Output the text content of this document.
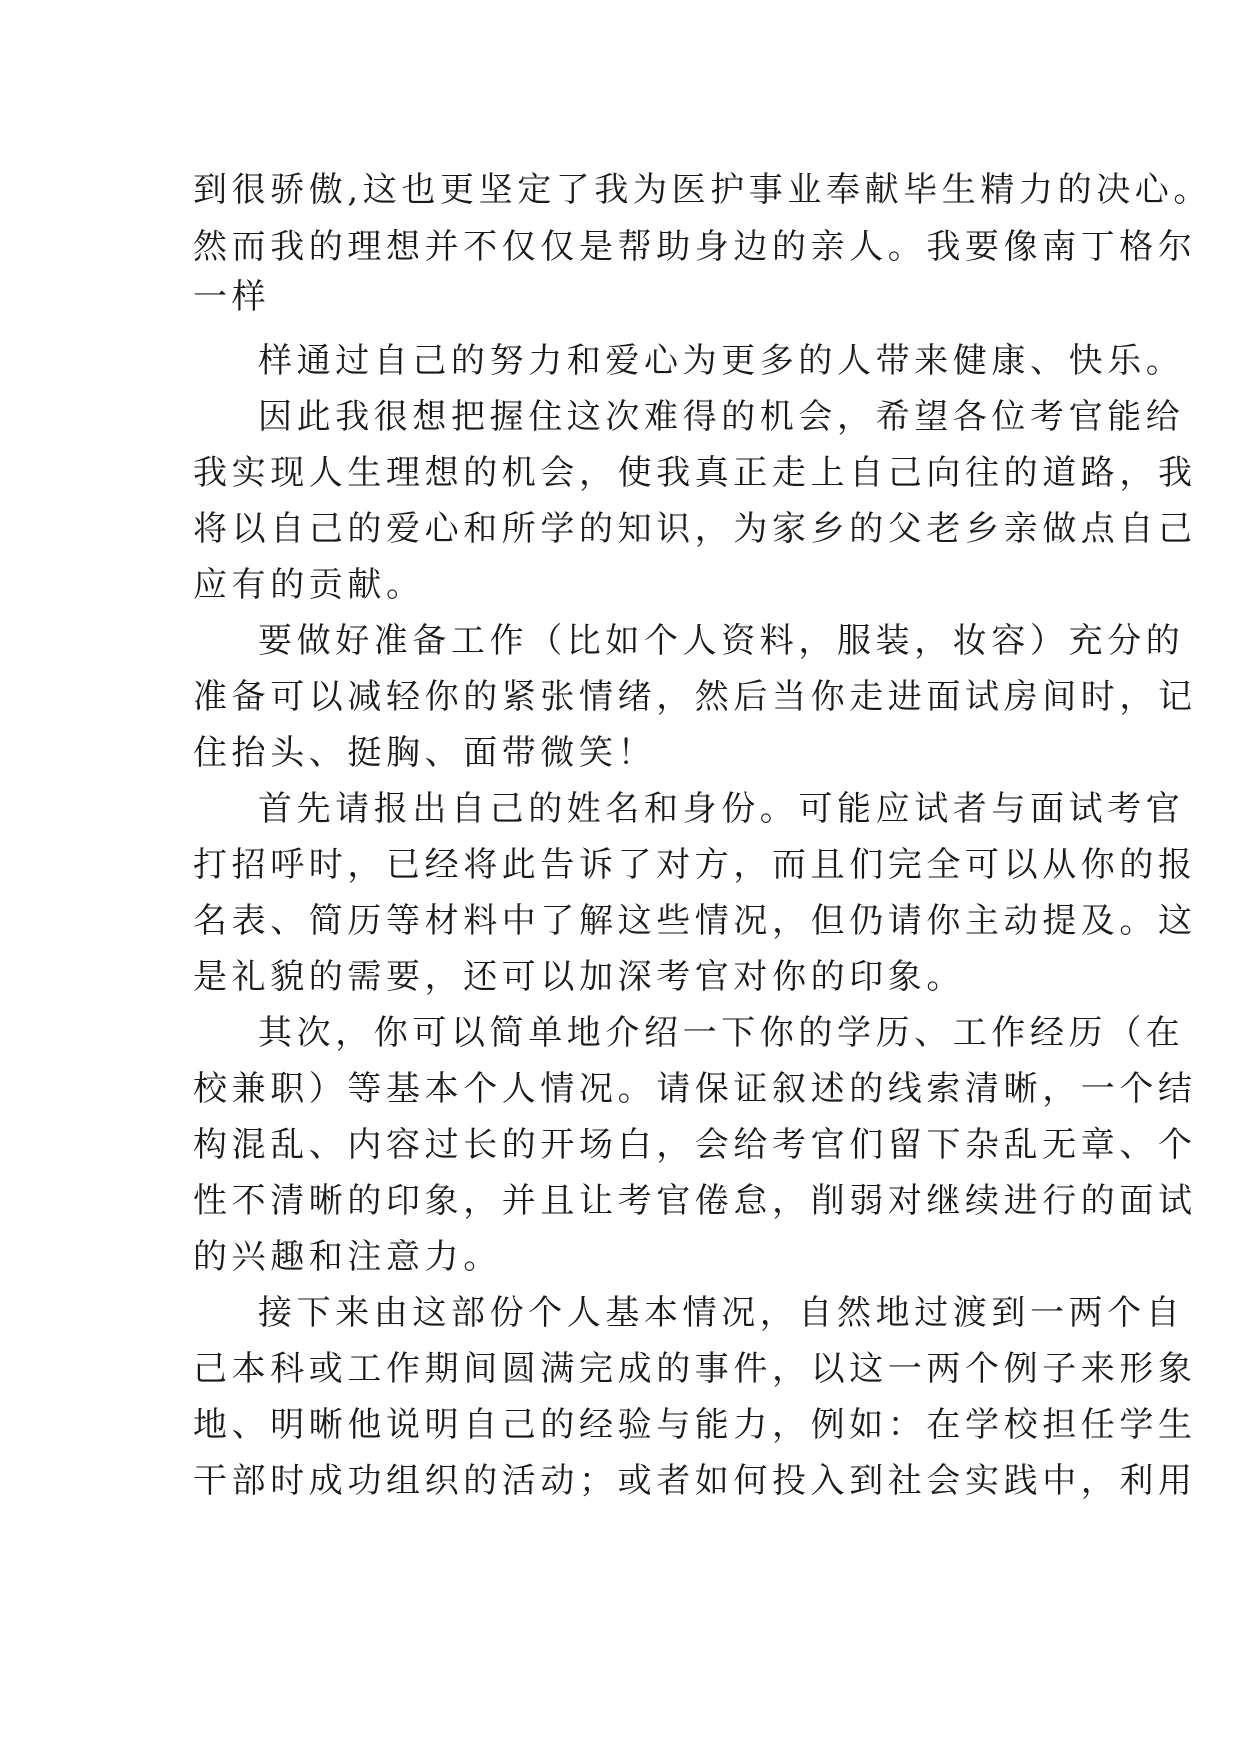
到很骄傲,这也更坚定了我为医护事业奉献毕生精力的决心。
然而我的理想并不仅仅是帮助身边的亲人。我要像南丁格尔
一样
样通过自己的努力和爱心为更多的人带来健康、快乐。
因此我很想把握住这次难得的机会，希望各位考官能给
我实现人生理想的机会，使我真正走上自己向往的道路，我
将以自己的爱心和所学的知识，为家乡的父老乡亲做点自己
应有的贡献。
要做好准备工作（比如个人资料，服装，妆容）充分的
准备可以减轻你的紧张情绪，然后当你走进面试房间时，记
住抬头、挺胸、面带微笑！
首先请报出自己的姓名和身份。可能应试者与面试考官
打招呼时，已经将此告诉了对方，而且们完全可以从你的报
名表、简历等材料中了解这些情况，但仍请你主动提及。这
是礼貌的需要，还可以加深考官对你的印象。
其次，你可以简单地介绍一下你的学历、工作经历（在
校兼职）等基本个人情况。请保证叙述的线索清晰，一个结
构混乱、内容过长的开场白，会给考官们留下杂乱无章、个
性不清晰的印象，并且让考官倦怠，削弱对继续进行的面试
的兴趣和注意力。
接下来由这部份个人基本情况，自然地过渡到一两个自
己本科或工作期间圆满完成的事件，以这一两个例子来形象
地、明晰他说明自己的经验与能力，例如：在学校担任学生
干部时成功组织的活动；或者如何投入到社会实践中，利用
